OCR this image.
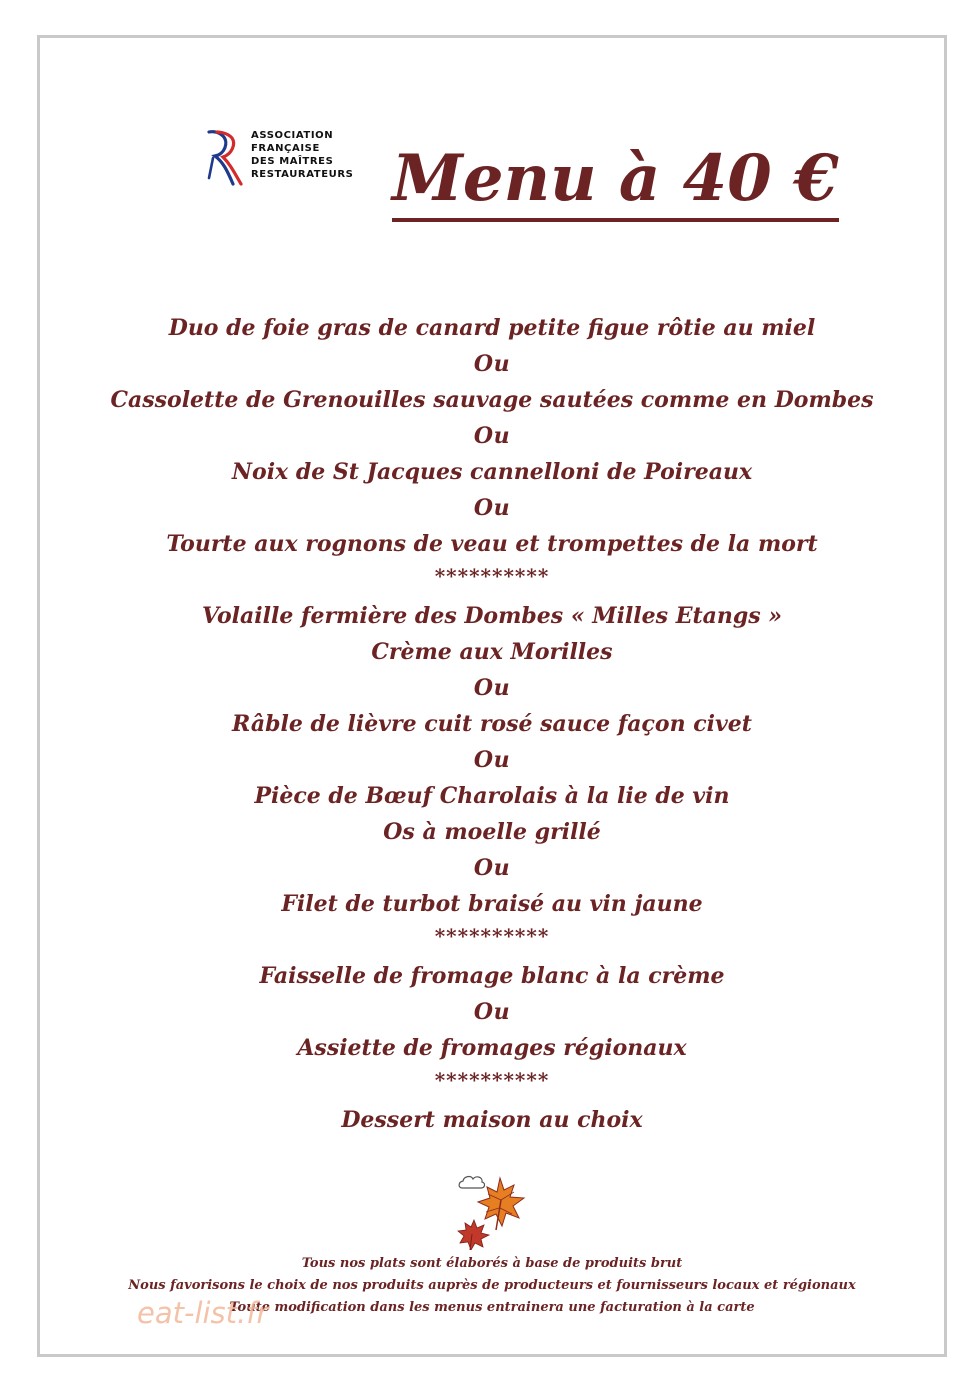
ASSOCIATION
FRANÇAISE
DES MAÎTRES
RESTAURATEURS Menu à 40 €
Duo de foie gras de canard petite figue rôtie au miel
Ou
Cassolette de Grenouilles sauvage sautées comme en Dombes
Ou
Noix de St Jacques cannelloni de Poireaux
Ou
Tourte aux rognons de veau et trompettes de la mort
**********
Volaille fermière des Dombes « Milles Etangs »
Crème aux Morilles
Ou
Râble de lièvre cuit rosé sauce façon civet
Ou
Pièce de Bœuf Charolais à la lie de vin
Os à moelle grillé
Ou
Filet de turbot braisé au vin jaune
**********
Faisselle de fromage blanc à la crème
Ou
Assiette de fromages régionaux
**********
Dessert maison au choix
Tous nos plats sont élaborés à base de produits brut
Nous favorisons le choix de nos produits auprès de producteurs et fournisseurs locaux et régionaux
Toute modification dans les menus entrainera une facturation à la carte
eat-list.fr
